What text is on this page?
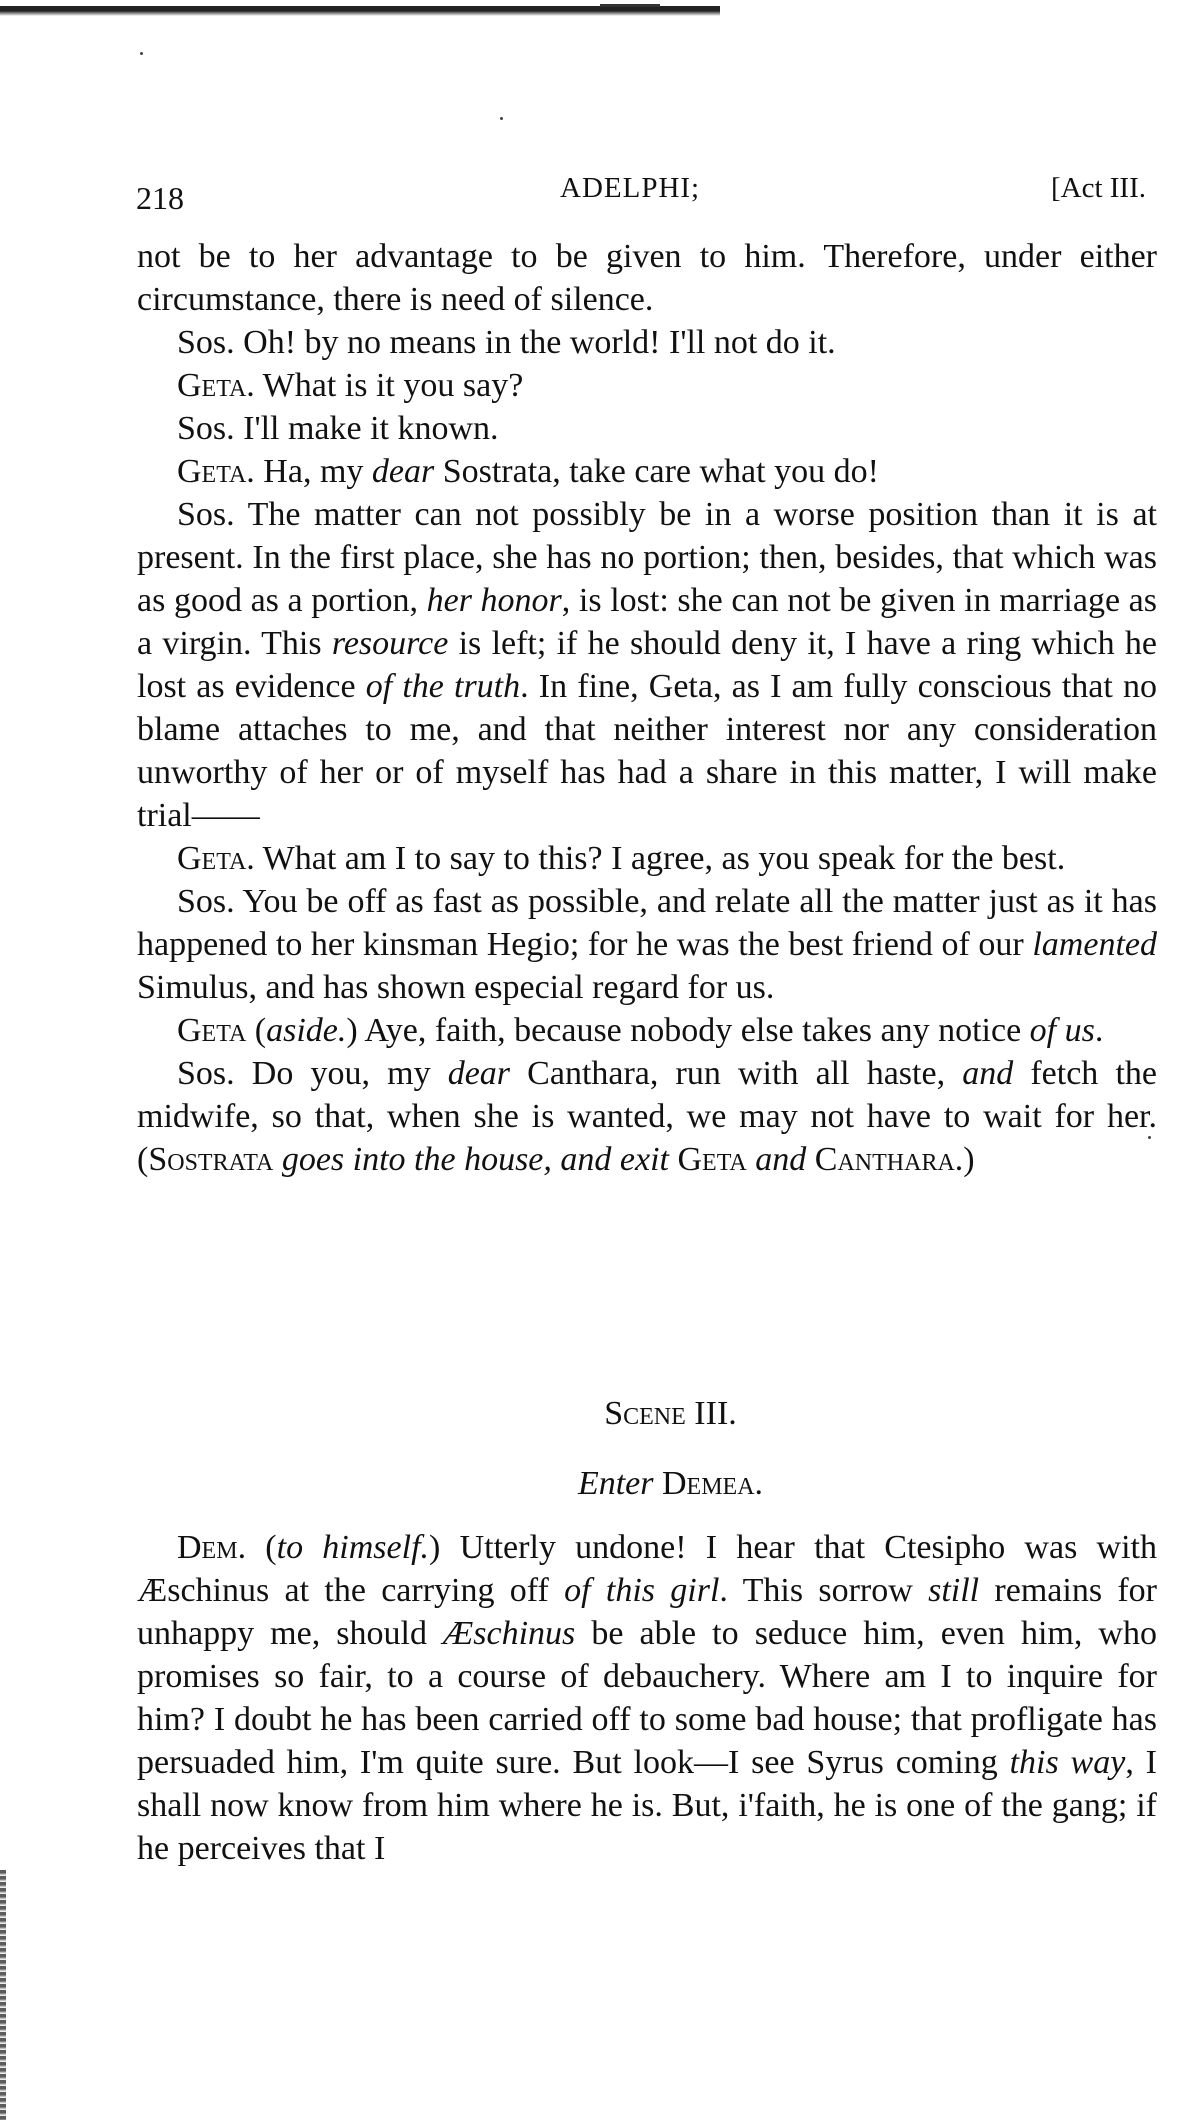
218	ADELPHI;	[Act III.

not be to her advantage to be given to him. Therefore, under either circumstance, there is need of silence.

Sos. Oh! by no means in the world! I'll not do it.

Geta. What is it you say?

Sos. I'll make it known.

Geta. Ha, my dear Sostrata, take care what you do!

Sos. The matter can not possibly be in a worse position than it is at present. In the first place, she has no portion; then, besides, that which was as good as a portion, her honor, is lost: she can not be given in marriage as a virgin. This resource is left; if he should deny it, I have a ring which he lost as evidence of the truth. In fine, Geta, as I am fully conscious that no blame attaches to me, and that neither interest nor any consideration unworthy of her or of myself has had a share in this matter, I will make trial——

Geta. What am I to say to this? I agree, as you speak for the best.

Sos. You be off as fast as possible, and relate all the matter just as it has happened to her kinsman Hegio; for he was the best friend of our lamented Simulus, and has shown especial regard for us.

Geta (aside.) Aye, faith, because nobody else takes any notice of us.

Sos. Do you, my dear Canthara, run with all haste, and fetch the midwife, so that, when she is wanted, we may not have to wait for her. (Sostrata goes into the house, and exit Geta and Canthara.)

Scene III.
Enter Demea.

Dem. (to himself.) Utterly undone! I hear that Ctesipho was with Æschinus at the carrying off of this girl. This sorrow still remains for unhappy me, should Æschinus be able to seduce him, even him, who promises so fair, to a course of debauchery. Where am I to inquire for him? I doubt he has been carried off to some bad house; that profligate has persuaded him, I'm quite sure. But look—I see Syrus coming this way, I shall now know from him where he is. But, i'faith, he is one of the gang; if he perceives that I
